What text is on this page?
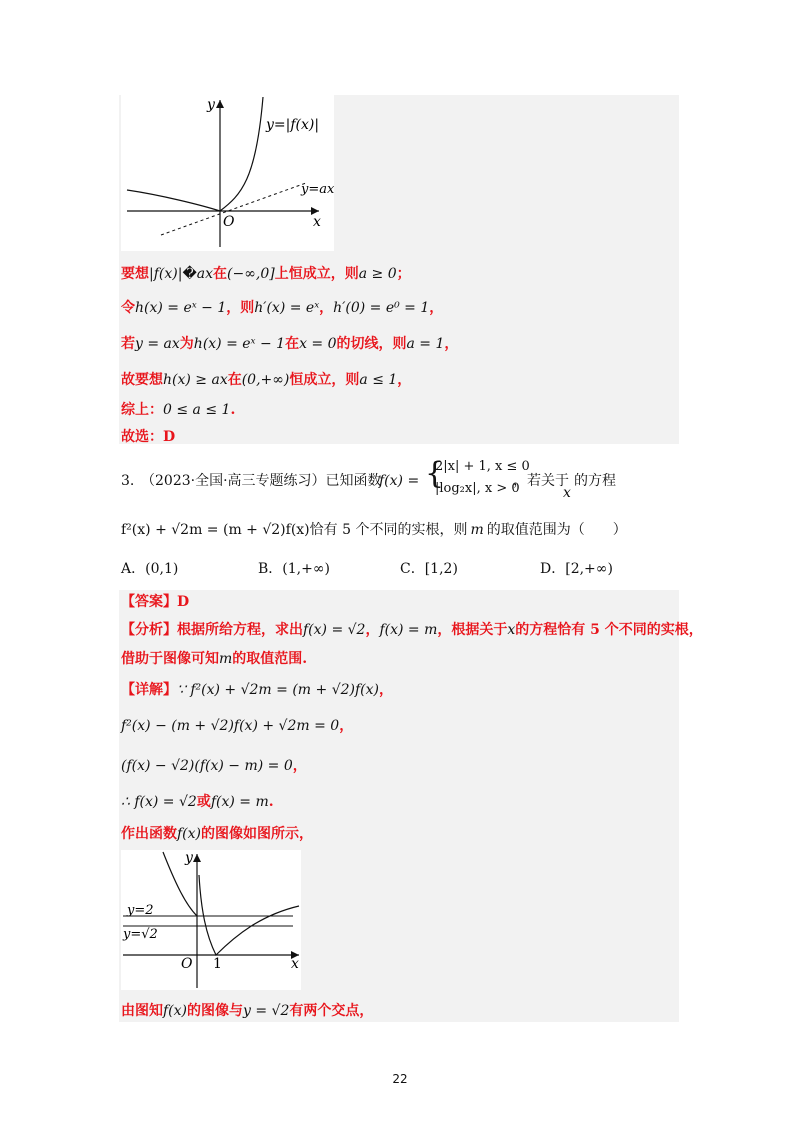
y
x
O
y=|f(x)|
y=ax
要想|f(x)|�ax在(−∞,0]上恒成立，则a ≥ 0；
令h(x) = eˣ − 1，则h′(x) = eˣ，h′(0) = e⁰ = 1，
若y = ax为h(x) = eˣ − 1在x = 0的切线，则a = 1，
故要想h(x) ≥ ax在(0,+∞)恒成立，则a ≤ 1，
综上：0 ≤ a ≤ 1.
故选：D
3. （2023·全国·高三专题练习）已知函数
f(x) = {
2|x| + 1, x ≤ 0
|log₂x|, x > 0
，若关于
x
的方程
f²(x) + √2m = (m + √2)f(x)恰有 5 个不同的实根，则 m 的取值范围为（　　）
A．(0,1)	B．(1,+∞)	C．[1,2)	D．[2,+∞)
【答案】D
【分析】根据所给方程，求出f(x) = √2，f(x) = m，根据关于x的方程恰有 5 个不同的实根，
借助于图像可知m的取值范围.
【详解】∵ f²(x) + √2m = (m + √2)f(x)，
f²(x) − (m + √2)f(x) + √2m = 0，
(f(x) − √2)(f(x) − m) = 0，
∴ f(x) = √2或f(x) = m.
作出函数f(x)的图像如图所示，
y
x
O 1
y=2
y=√2
由图知f(x)的图像与y = √2有两个交点，
22
